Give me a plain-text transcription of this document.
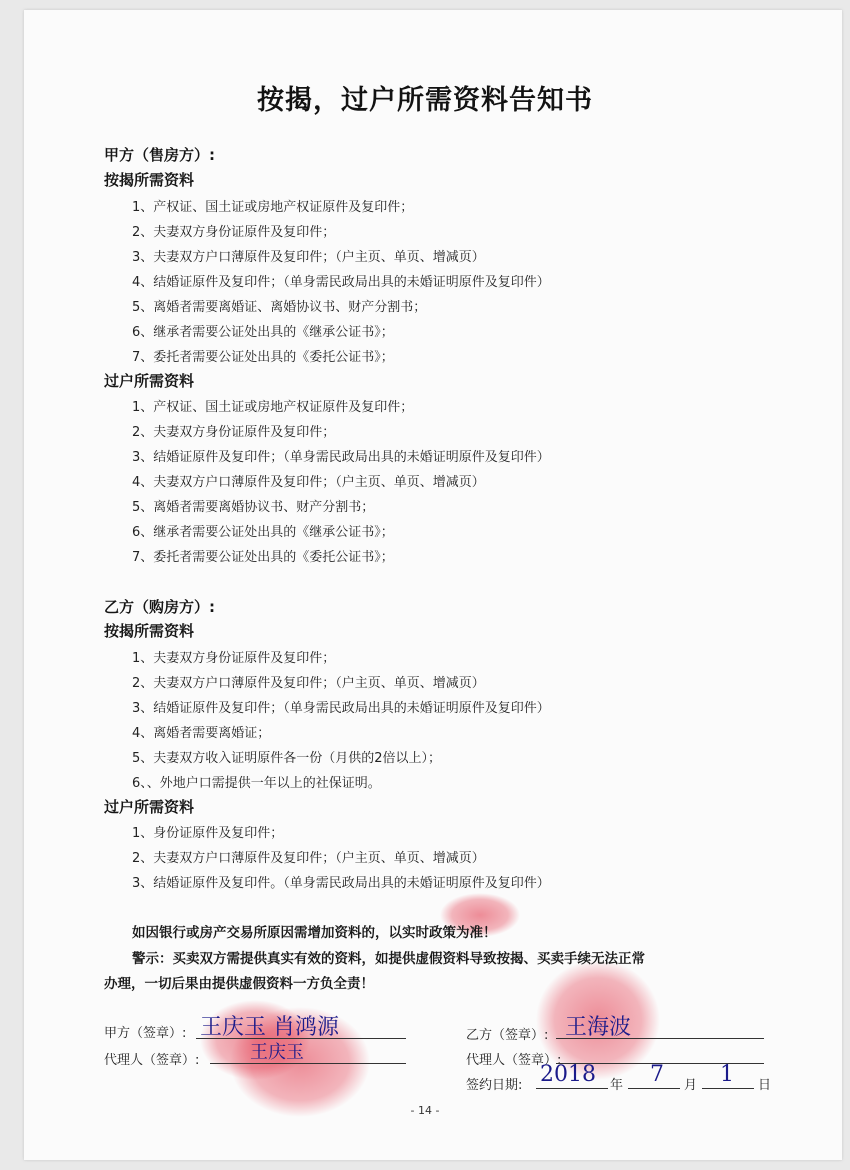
按揭，过户所需资料告知书
甲方（售房方）:
按揭所需资料
1、产权证、国土证或房地产权证原件及复印件；
2、夫妻双方身份证原件及复印件；
3、夫妻双方户口薄原件及复印件；（户主页、单页、增减页）
4、结婚证原件及复印件；（单身需民政局出具的未婚证明原件及复印件）
5、离婚者需要离婚证、离婚协议书、财产分割书；
6、继承者需要公证处出具的《继承公证书》；
7、委托者需要公证处出具的《委托公证书》；
过户所需资料
1、产权证、国土证或房地产权证原件及复印件；
2、夫妻双方身份证原件及复印件；
3、结婚证原件及复印件；（单身需民政局出具的未婚证明原件及复印件）
4、夫妻双方户口薄原件及复印件；（户主页、单页、增减页）
5、离婚者需要离婚协议书、财产分割书；
6、继承者需要公证处出具的《继承公证书》；
7、委托者需要公证处出具的《委托公证书》；
乙方（购房方）:
按揭所需资料
1、夫妻双方身份证原件及复印件；
2、夫妻双方户口薄原件及复印件；（户主页、单页、增减页）
3、结婚证原件及复印件；（单身需民政局出具的未婚证明原件及复印件）
4、离婚者需要离婚证；
5、夫妻双方收入证明原件各一份（月供的2倍以上）；
6、、外地户口需提供一年以上的社保证明。
过户所需资料
1、身份证原件及复印件；
2、夫妻双方户口薄原件及复印件；（户主页、单页、增减页）
3、结婚证原件及复印件。（单身需民政局出具的未婚证明原件及复印件）
如因银行或房产交易所原因需增加资料的，以实时政策为准！
警示：买卖双方需提供真实有效的资料，如提供虚假资料导致按揭、买卖手续无法正常
办理，一切后果由提供虚假资料一方负全责！
甲方（签章）: 王庆玉 肖鸿源
代理人（签章）:	王庆玉
乙方（签章）: 王海波
代理人（签章）:
签约日期: 2018 年 7 月 1 日
- 14 -
